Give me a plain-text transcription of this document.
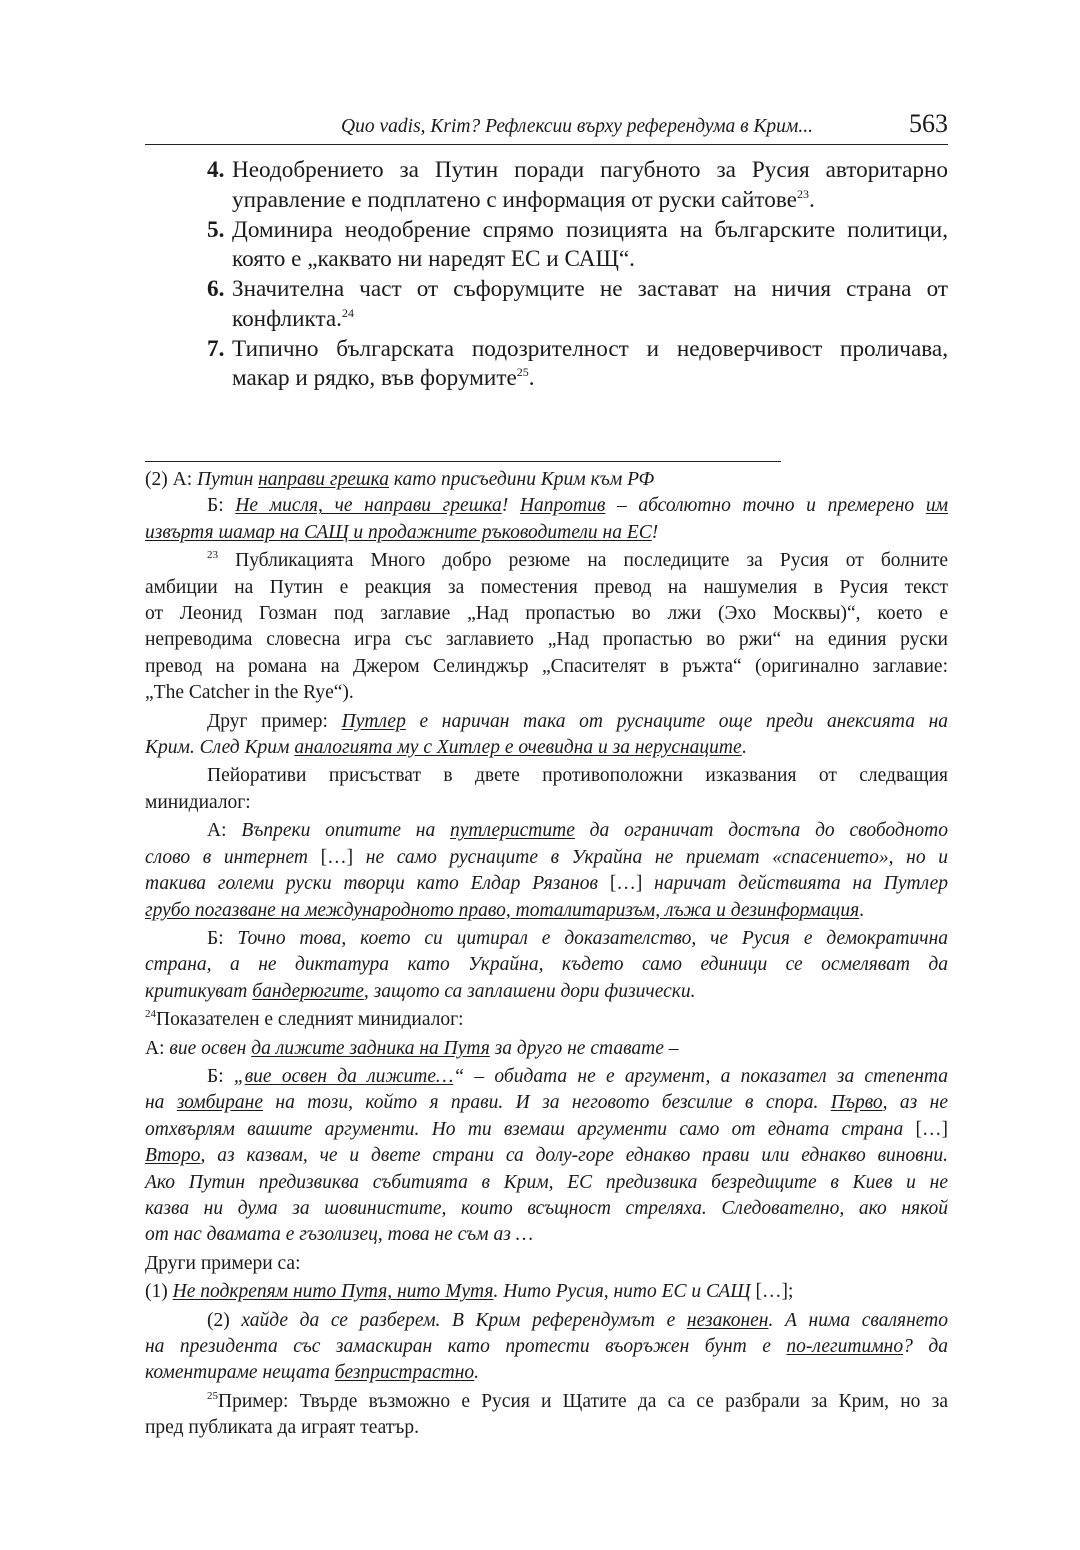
Quo vadis, Krim? Рефлексии върху референдума в Крим...	563
4. Неодобрението за Путин поради пагубното за Русия авторитарно
управление е подплатено с информация от руски сайтове$^{23}$.
5. Доминира неодобрение спрямо позицията на българските политици,
която е „каквато ни наредят ЕС и САЩ“.
6. Значителна част от съфорумците не застават на ничия страна от
конфликта.$^{24}$
7. Типично българската подозрителност и недоверчивост проличава,
макар и рядко, във форумите$^{25}$.
(2) А: Путин направи грешка като присъедини Крим към РФ
Б: Не мисля, че направи грешка! Напротив – абсолютно точно и премерено им
извъртя шамар на САЩ и продажните ръководители на ЕС!
$^{23}$ Публикацията Много добро резюме на последиците за Русия от болните
амбиции на Путин е реакция за поместения превод на нашумелия в Русия текст
от Леонид Гозман под заглавие „Над пропастью во лжи (Эхо Москвы)“, което е
непреводима словесна игра със заглавието „Над пропастью во ржи“ на единия руски
превод на романа на Джером Селинджър „Спасителят в ръжта“ (оригинално заглавие:
„The Catcher in the Rye“).
Друг пример: Путлер е наричан така от руснаците още преди анексията на
Крим. След Крим аналогията му с Хитлер е очевидна и за неруснаците.
Пейоративи присъстват в двете противоположни изказвания от следващия
минидиалог:
А: Въпреки опитите на путлеристите да ограничат достъпа до свободното
слово в интернет […] не само руснаците в Украйна не приемат «спасението», но и
такива големи руски творци като Елдар Рязанов […] наричат действията на Путлер
грубо погазване на международното право, тоталитаризъм, лъжа и дезинформация.
Б: Точно това, което си цитирал е доказателство, че Русия е демократична
страна, а не диктатура като Украйна, където само единици се осмеляват да
критикуват бандерюгите, защото са заплашени дори физически.
$^{24}$Показателен е следният минидиалог:
А: вие освен да лижите задника на Путя за друго не ставате –
Б: „вие освен да лижите…“ – обидата не е аргумент, а показател за степента
на зомбиране на този, който я прави. И за неговото безсилие в спора. Първо, аз не
отхвърлям вашите аргументи. Но ти вземаш аргументи само от едната страна […]
Второ, аз казвам, че и двете страни са долу-горе еднакво прави или еднакво виновни.
Ако Путин предизвиква събитията в Крим, ЕС предизвика безредиците в Киев и не
казва ни дума за шовинистите, които всъщност стреляха. Следователно, ако някой
от нас двамата е гъзолизец, това не съм аз …
Други примери са:
(1) Не подкрепям нито Путя, нито Мутя. Нито Русия, нито ЕС и САЩ […];
(2) хайде да се разберем. В Крим референдумът е незаконен. А нима свалянето
на президента със замаскиран като протести въоръжен бунт е по-легитимно? да
коментираме нещата безпристрастно.
$^{25}$Пример: Твърде възможно е Русия и Щатите да са се разбрали за Крим, но за
пред публиката да играят театър.
